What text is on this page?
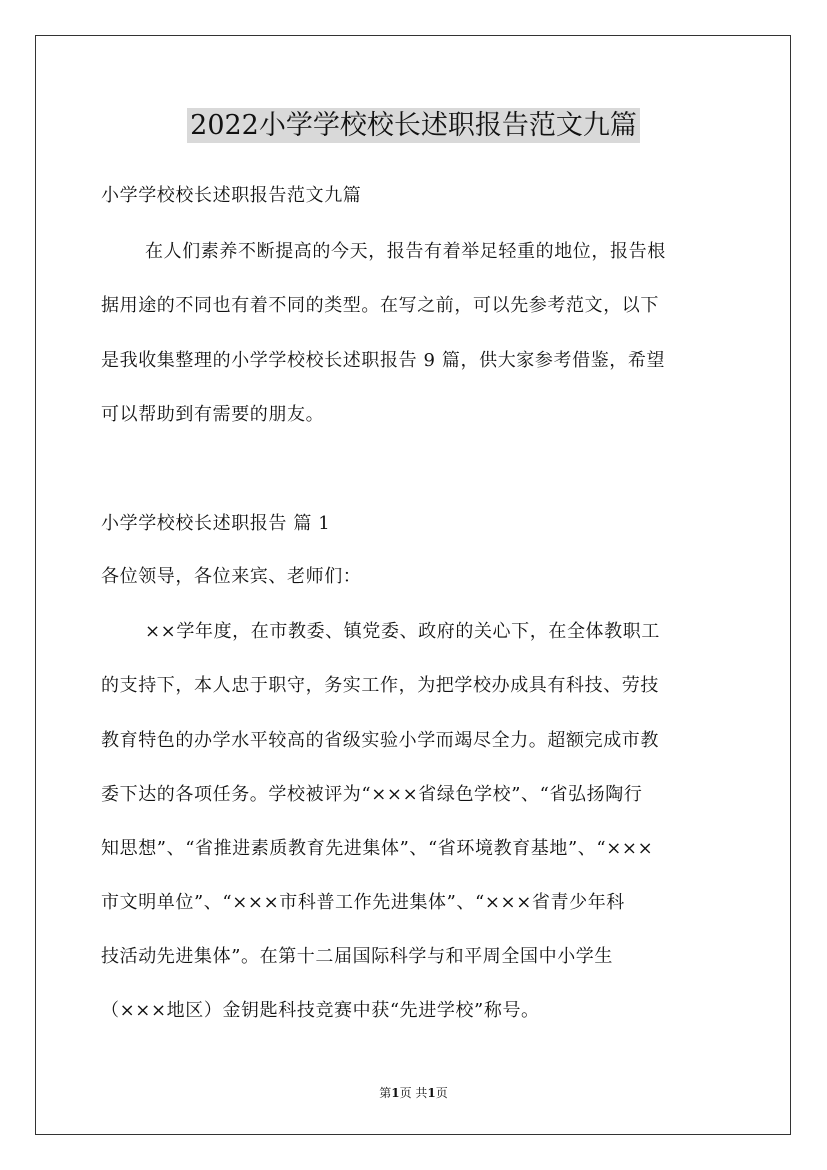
2022小学学校校长述职报告范文九篇
小学学校校长述职报告范文九篇
在人们素养不断提高的今天，报告有着举足轻重的地位，报告根
据用途的不同也有着不同的类型。在写之前，可以先参考范文，以下
是我收集整理的小学学校校长述职报告 9 篇，供大家参考借鉴，希望
可以帮助到有需要的朋友。
小学学校校长述职报告 篇 1
各位领导，各位来宾、老师们：
××学年度，在市教委、镇党委、政府的关心下，在全体教职工
的支持下，本人忠于职守，务实工作，为把学校办成具有科技、劳技
教育特色的办学水平较高的省级实验小学而竭尽全力。超额完成市教
委下达的各项任务。学校被评为“×××省绿色学校”、“省弘扬陶行
知思想”、“省推进素质教育先进集体”、“省环境教育基地”、“×××
市文明单位”、“×××市科普工作先进集体”、“×××省青少年科
技活动先进集体”。在第十二届国际科学与和平周全国中小学生
（×××地区）金钥匙科技竞赛中获“先进学校”称号。
第1页 共1页
